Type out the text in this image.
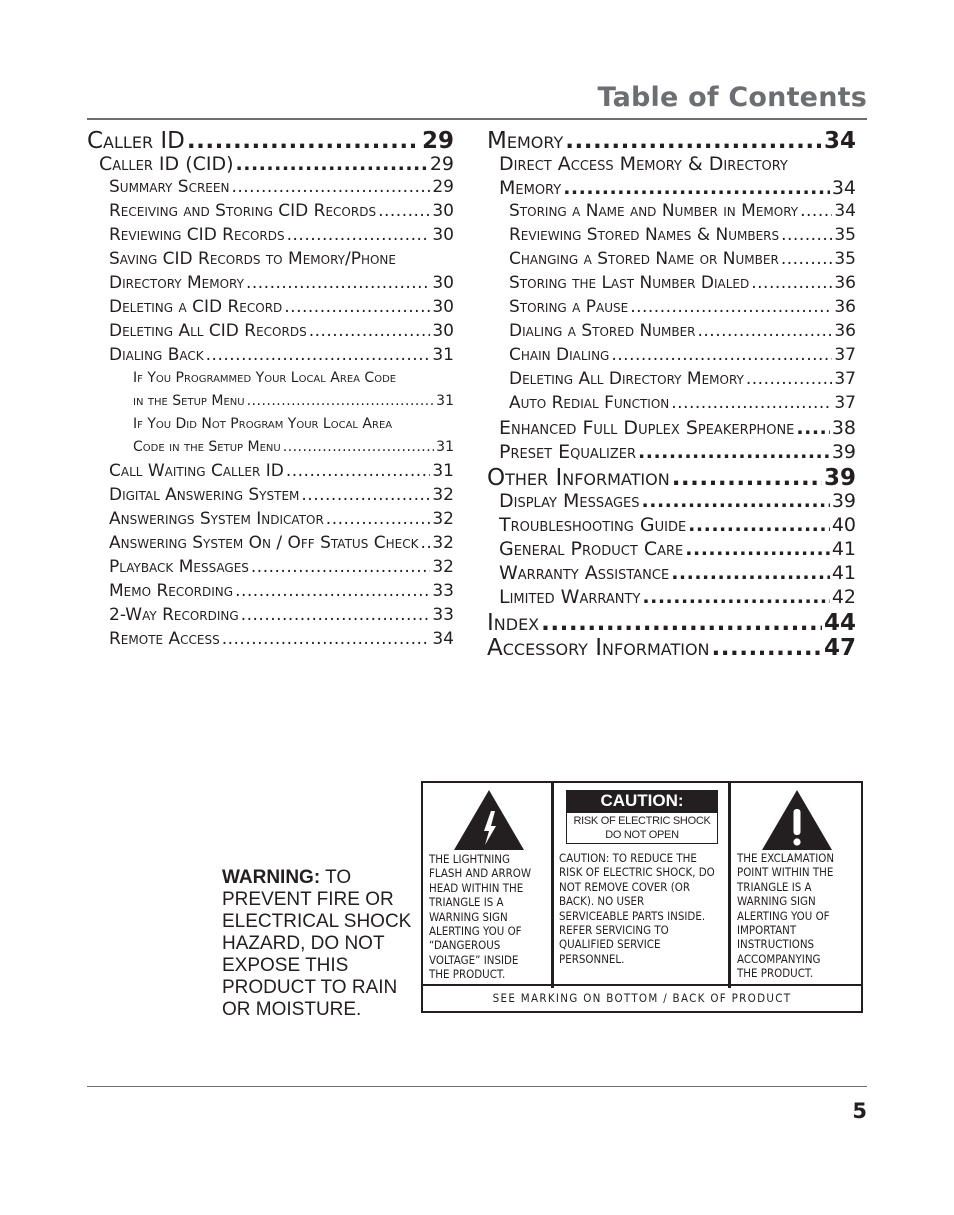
Table of Contents
Caller ID .....	29
Caller ID (CID) .....	29
Summary Screen .....	29
Receiving and Storing CID Records .....	30
Reviewing CID Records .....	30
Saving CID Records to Memory/Phone
Directory Memory .....	30
Deleting a CID Record .....	30
Deleting All CID Records .....	30
Dialing Back .....	31
If You Programmed Your Local Area Code
in the Setup Menu .....	31
If You Did Not Program Your Local Area
Code in the Setup Menu .....	31
Call Waiting Caller ID .....	31
Digital Answering System .....	32
Answerings System Indicator .....	32
Answering System On / Off Status Check ..... 32
Playback Messages .....	32
Memo Recording .....	33
2-Way Recording .....	33
Remote Access .....	34
Memory .....	34
Direct Access Memory & Directory
Memory .....	34
Storing a Name and Number in Memory ..... 34
Reviewing Stored Names & Numbers .....	35
Changing a Stored Name or Number .....	35
Storing the Last Number Dialed .....	36
Storing a Pause .....	36
Dialing a Stored Number .....	36
Chain Dialing .....	37
Deleting All Directory Memory .....	37
Auto Redial Function .....	37
Enhanced Full Duplex Speakerphone ..... 38
Preset Equalizer .....	39
Other Information .....	39
Display Messages .....	39
Troubleshooting Guide .....	40
General Product Care .....	41
Warranty Assistance .....	41
Limited Warranty .....	42
Index .....	44
Accessory Information .....	47
WARNING: TO PREVENT FIRE OR ELECTRICAL SHOCK HAZARD, DO NOT EXPOSE THIS PRODUCT TO RAIN OR MOISTURE.
THE LIGHTNING
FLASH AND ARROW
HEAD WITHIN THE
TRIANGLE IS A
WARNING SIGN
ALERTING YOU OF
“DANGEROUS
VOLTAGE” INSIDE
THE PRODUCT.
CAUTION:
RISK OF ELECTRIC SHOCK
DO NOT OPEN
CAUTION: TO REDUCE THE
RISK OF ELECTRIC SHOCK, DO
NOT REMOVE COVER (OR
BACK). NO USER
SERVICEABLE PARTS INSIDE.
REFER SERVICING TO
QUALIFIED SERVICE
PERSONNEL.
THE EXCLAMATION
POINT WITHIN THE
TRIANGLE IS A
WARNING SIGN
ALERTING YOU OF
IMPORTANT
INSTRUCTIONS
ACCOMPANYING
THE PRODUCT.
SEE MARKING ON BOTTOM / BACK OF PRODUCT
5
